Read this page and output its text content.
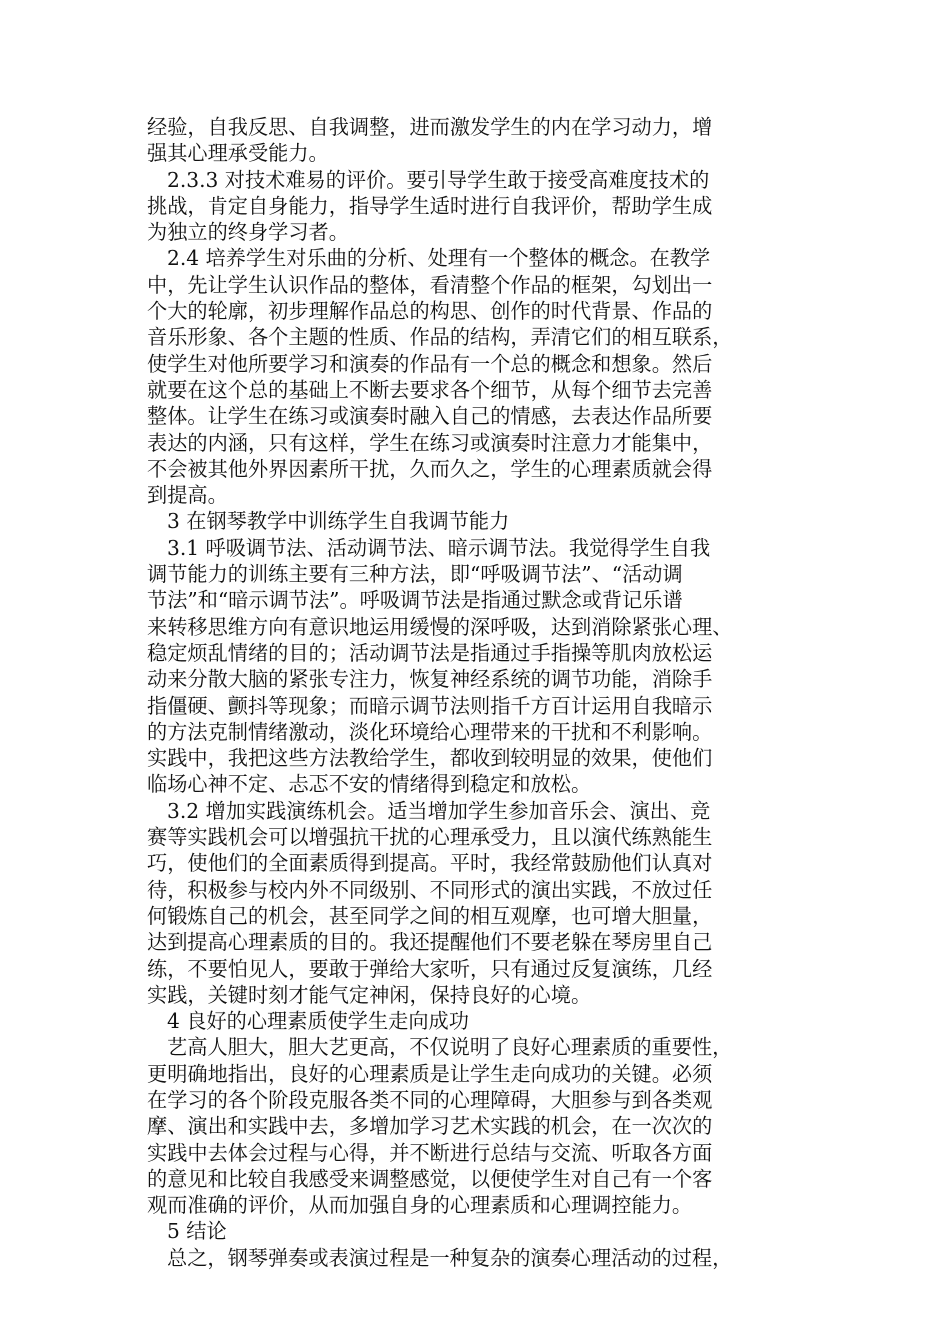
经验，自我反思、自我调整，进而激发学生的内在学习动力，增
强其心理承受能力。
2.3.3 对技术难易的评价。要引导学生敢于接受高难度技术的
挑战，肯定自身能力，指导学生适时进行自我评价，帮助学生成
为独立的终身学习者。
2.4 培养学生对乐曲的分析、处理有一个整体的概念。在教学
中，先让学生认识作品的整体，看清整个作品的框架，勾划出一
个大的轮廓，初步理解作品总的构思、创作的时代背景、作品的
音乐形象、各个主题的性质、作品的结构，弄清它们的相互联系，
使学生对他所要学习和演奏的作品有一个总的概念和想象。然后
就要在这个总的基础上不断去要求各个细节，从每个细节去完善
整体。让学生在练习或演奏时融入自己的情感，去表达作品所要
表达的内涵，只有这样，学生在练习或演奏时注意力才能集中，
不会被其他外界因素所干扰，久而久之，学生的心理素质就会得
到提高。
3 在钢琴教学中训练学生自我调节能力
3.1 呼吸调节法、活动调节法、暗示调节法。我觉得学生自我
调节能力的训练主要有三种方法，即“呼吸调节法”、“活动调
节法”和“暗示调节法”。呼吸调节法是指通过默念或背记乐谱
来转移思维方向有意识地运用缓慢的深呼吸，达到消除紧张心理、
稳定烦乱情绪的目的；活动调节法是指通过手指操等肌肉放松运
动来分散大脑的紧张专注力，恢复神经系统的调节功能，消除手
指僵硬、颤抖等现象；而暗示调节法则指千方百计运用自我暗示
的方法克制情绪激动，淡化环境给心理带来的干扰和不利影响。
实践中，我把这些方法教给学生，都收到较明显的效果，使他们
临场心神不定、忐忑不安的情绪得到稳定和放松。
3.2 增加实践演练机会。适当增加学生参加音乐会、演出、竞
赛等实践机会可以增强抗干扰的心理承受力，且以演代练熟能生
巧，使他们的全面素质得到提高。平时，我经常鼓励他们认真对
待，积极参与校内外不同级别、不同形式的演出实践，不放过任
何锻炼自己的机会，甚至同学之间的相互观摩，也可增大胆量，
达到提高心理素质的目的。我还提醒他们不要老躲在琴房里自己
练，不要怕见人，要敢于弹给大家听，只有通过反复演练，几经
实践，关键时刻才能气定神闲，保持良好的心境。
4 良好的心理素质使学生走向成功
艺高人胆大，胆大艺更高，不仅说明了良好心理素质的重要性，
更明确地指出，良好的心理素质是让学生走向成功的关键。必须
在学习的各个阶段克服各类不同的心理障碍，大胆参与到各类观
摩、演出和实践中去，多增加学习艺术实践的机会，在一次次的
实践中去体会过程与心得，并不断进行总结与交流、听取各方面
的意见和比较自我感受来调整感觉，以便使学生对自己有一个客
观而准确的评价，从而加强自身的心理素质和心理调控能力。
5 结论
总之，钢琴弹奏或表演过程是一种复杂的演奏心理活动的过程，
